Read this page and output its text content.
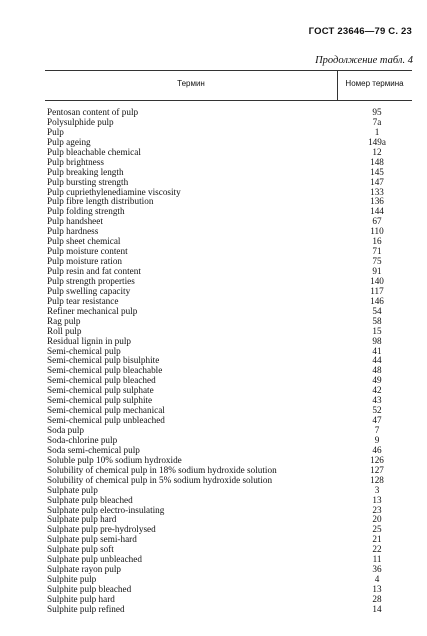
ГОСТ 23646—79 С. 23
Продолжение табл. 4
Термин	Номер термина
Pentosan content of pulp	95
Polysulphide pulp	7a
Pulp	1
Pulp ageing	149a
Pulp bleachable chemical	12
Pulp brightness	148
Pulp breaking length	145
Pulp bursting strength	147
Pulp cupriethylenediamine viscosity	133
Pulp fibre length distribution	136
Pulp folding strength	144
Pulp handsheet	67
Pulp hardness	110
Pulp sheet chemical	16
Pulp moisture content	71
Pulp moisture ration	75
Pulp resin and fat content	91
Pulp strength properties	140
Pulp swelling capacity	117
Pulp tear resistance	146
Refiner mechanical pulp	54
Rag pulp	58
Roll pulp	15
Residual lignin in pulp	98
Semi-chemical pulp	41
Semi-chemical pulp bisulphite	44
Semi-chemical pulp bleachable	48
Semi-chemical pulp bleached	49
Semi-chemical pulp sulphate	42
Semi-chemical pulp sulphite	43
Semi-chemical pulp mechanical	52
Semi-chemical pulp unbleached	47
Soda pulp	7
Soda-chlorine pulp	9
Soda semi-chemical pulp	46
Soluble pulp 10% sodium hydroxide	126
Solubility of chemical pulp in 18% sodium hydroxide solution	127
Solubility of chemical pulp in 5% sodium hydroxide solution	128
Sulphate pulp	3
Sulphate pulp bleached	13
Sulphate pulp electro-insulating	23
Sulphate pulp hard	20
Sulphate pulp pre-hydrolysed	25
Sulphate pulp semi-hard	21
Sulphate pulp soft	22
Sulphate pulp unbleached	11
Sulphate rayon pulp	36
Sulphite pulp	4
Sulphite pulp bleached	13
Sulphite pulp hard	28
Sulphite pulp refined	14
